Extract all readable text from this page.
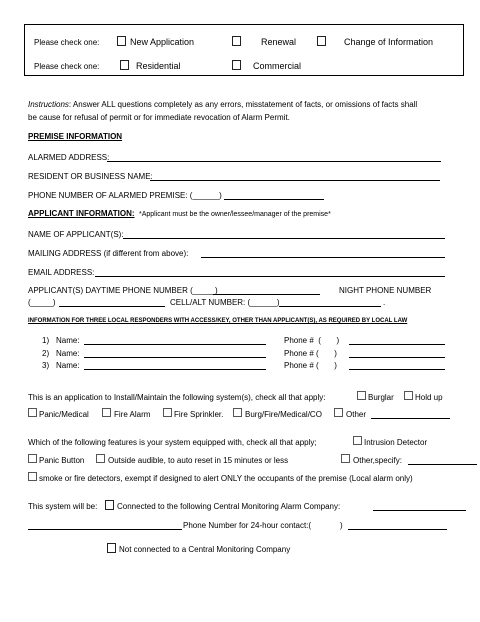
Please check one:	New Application	Renewal	Change of Information
Please check one:	Residential	Commercial
Instructions: Answer ALL questions completely as any errors, misstatement of facts, or omissions of facts shall
be cause for refusal of permit or for immediate revocation of Alarm Permit.
PREMISE INFORMATION
ALARMED ADDRESS:
RESIDENT OR BUSINESS NAME:
PHONE NUMBER OF ALARMED PREMISE: (______)
APPLICANT INFORMATION: *Applicant must be the owner/lessee/manager of the premise*
NAME OF APPLICANT(S):
MAILING ADDRESS (if different from above):
EMAIL ADDRESS:
APPLICANT(S) DAYTIME PHONE NUMBER (_____)	NIGHT PHONE NUMBER
(_____)	CELL/ALT NUMBER: (______)	.
INFORMATION FOR THREE LOCAL RESPONDERS WITH ACCESS/KEY, OTHER THAN APPLICANT(S), AS REQUIRED BY LOCAL LAW
1) Name:	Phone #  (       )
2) Name:	Phone # (       )
3) Name:	Phone # (       )
This is an application to Install/Maintain the following system(s), check all that apply:	Burglar	Hold up
Panic/Medical	Fire Alarm	Fire Sprinkler.	Burg/Fire/Medical/CO	Other
Which of the following features is your system equipped with, check all that apply;	Intrusion Detector
Panic Button	Outside audible, to auto reset in 15 minutes or less	Other,specify:
smoke or fire detectors, exempt if designed to alert ONLY the occupants of the premise (Local alarm only)
This system will be: Connected to the following Central Monitoring Alarm Company:
Phone Number for 24-hour contact:(	)
Not connected to a Central Monitoring Company
